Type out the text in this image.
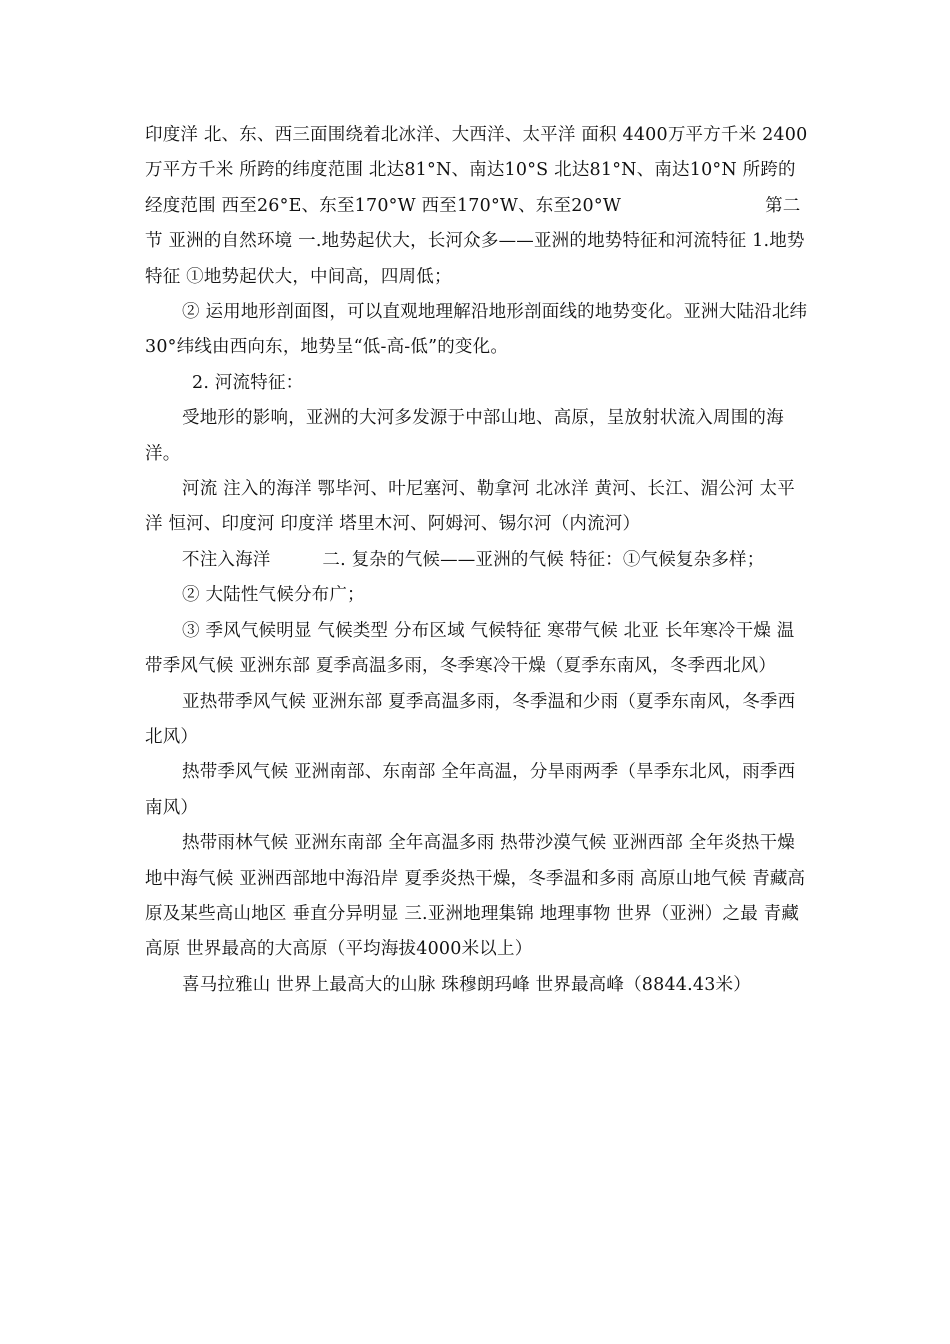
印度洋 北、东、西三面围绕着北冰洋、大西洋、太平洋 面积 4400万平方千米 2400万平方千米 所跨的纬度范围 北达81°N、南达10°S 北达81°N、南达10°N 所跨的经度范围 西至26°E、东至170°W 西至170°W、东至20°W                         第二节 亚洲的自然环境 一.地势起伏大，长河众多——亚洲的地势特征和河流特征 1.地势特征 ①地势起伏大，中间高，四周低；

② 运用地形剖面图，可以直观地理解沿地形剖面线的地势变化。亚洲大陆沿北纬30°纬线由西向东，地势呈“低-高-低”的变化。

2. 河流特征：

受地形的影响，亚洲的大河多发源于中部山地、高原，呈放射状流入周围的海洋。

河流 注入的海洋 鄂毕河、叶尼塞河、勒拿河 北冰洋 黄河、长江、湄公河 太平洋 恒河、印度河 印度洋 塔里木河、阿姆河、锡尔河（内流河）

不注入海洋         二. 复杂的气候——亚洲的气候 特征：①气候复杂多样；

② 大陆性气候分布广；

③ 季风气候明显 气候类型 分布区域 气候特征 寒带气候 北亚 长年寒冷干燥 温带季风气候 亚洲东部 夏季高温多雨，冬季寒冷干燥（夏季东南风，冬季西北风）

亚热带季风气候 亚洲东部 夏季高温多雨，冬季温和少雨（夏季东南风，冬季西北风）

热带季风气候 亚洲南部、东南部 全年高温，分旱雨两季（旱季东北风，雨季西南风）

热带雨林气候 亚洲东南部 全年高温多雨 热带沙漠气候 亚洲西部 全年炎热干燥 地中海气候 亚洲西部地中海沿岸 夏季炎热干燥，冬季温和多雨 高原山地气候 青藏高原及某些高山地区 垂直分异明显 三.亚洲地理集锦 地理事物 世界（亚洲）之最 青藏高原 世界最高的大高原（平均海拔4000米以上）

喜马拉雅山 世界上最高大的山脉 珠穆朗玛峰 世界最高峰（8844.43米）
